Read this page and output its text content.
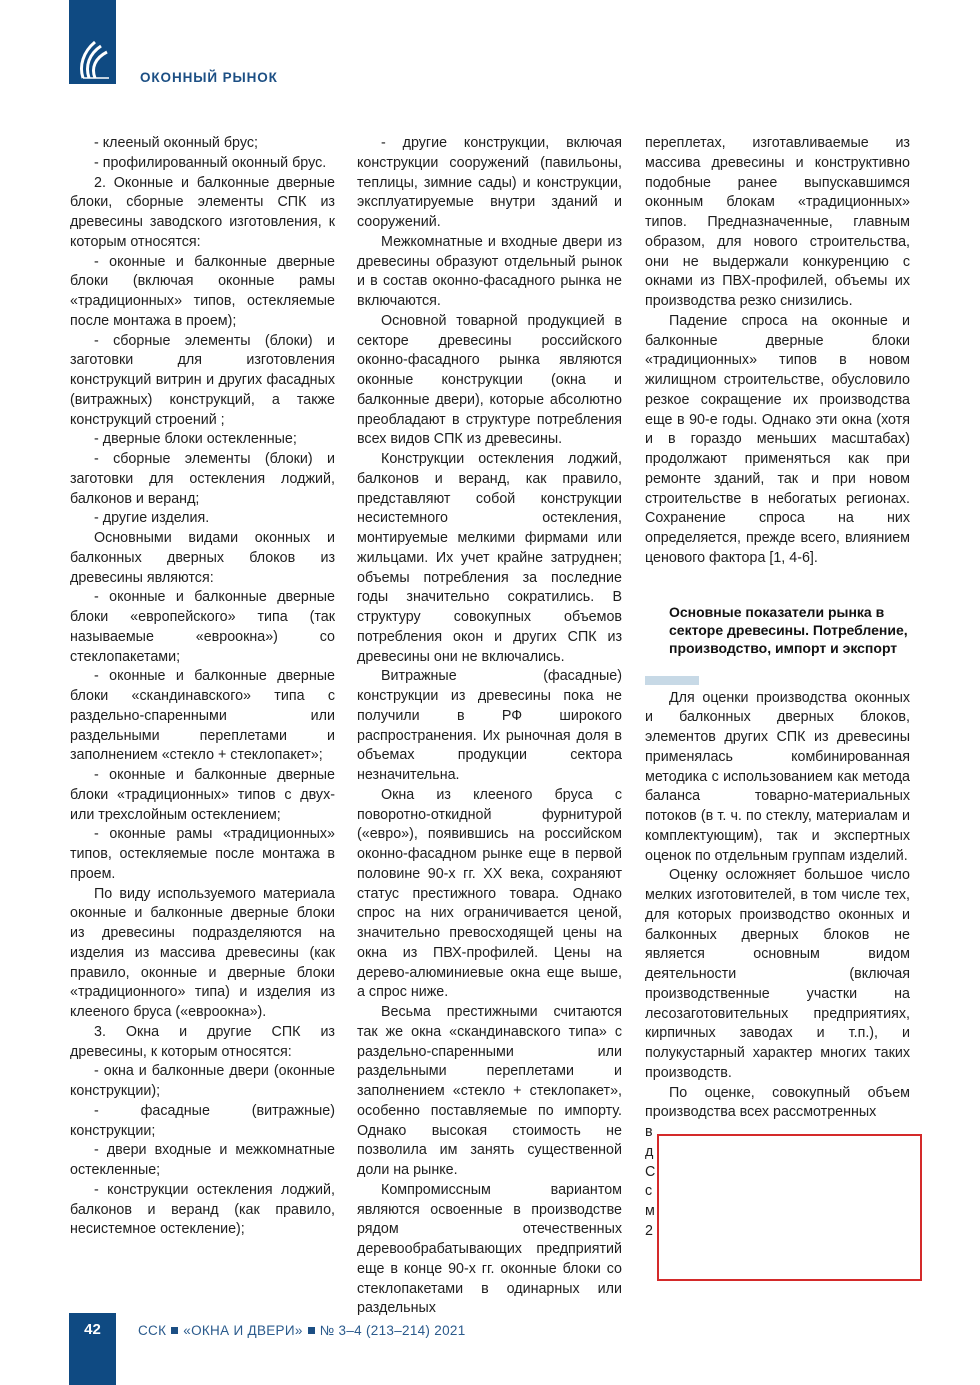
ОКОННЫЙ РЫНОК

- клееный оконный брус;

- профилированный оконный брус.

2. Оконные и балконные дверные блоки, сборные элементы СПК из древесины заводского изготовления, к которым относятся:

- оконные и балконные дверные блоки (включая оконные рамы «традиционных» типов, остекляемые после монтажа в проем);

- сборные элементы (блоки) и заготовки для изготовления конструкций витрин и других фасадных (витражных) конструкций, а также конструкций строений ;

- дверные блоки остекленные;

- сборные элементы (блоки) и заготовки для остекления лоджий, балконов и веранд;

- другие изделия.

Основными видами оконных и балконных дверных блоков из древесины являются:

- оконные и балконные дверные блоки «европейского» типа (так называемые «евроокна») со стеклопакетами;

- оконные и балконные дверные блоки «скандинавского» типа с раздельно-спаренными или раздельными переплетами и заполнением «стекло + стеклопакет»;

- оконные и балконные дверные блоки «традиционных» типов с двух- или трехслойным остеклением;

- оконные рамы «традиционных» типов, остекляемые после монтажа в проем.

По виду используемого материала оконные и балконные дверные блоки из древесины подразделяются на изделия из массива древесины (как правило, оконные и дверные блоки «традиционного» типа) и изделия из клееного бруса («евроокна»).

3. Окна и другие СПК из древесины, к которым относятся:

- окна и балконные двери (оконные конструкции);

- фасадные (витражные) конструкции;

- двери входные и межкомнатные остекленные;

- конструкции остекления лоджий, балконов и веранд (как правило, несистемное остекление);

- другие конструкции, включая конструкции сооружений (павильоны, теплицы, зимние сады) и конструкции, эксплуатируемые внутри зданий и сооружений.

Межкомнатные и входные двери из древесины образуют отдельный рынок и в состав оконно-фасадного рынка не включаются.

Основной товарной продукцией в секторе древесины российского оконно-фасадного рынка являются оконные конструкции (окна и балконные двери), которые абсолютно преобладают в структуре потребления всех видов СПК из древесины.

Конструкции остекления лоджий, балконов и веранд, как правило, представляют собой конструкции несистемного остекления, монтируемые мелкими фирмами или жильцами. Их учет крайне затруднен; объемы потребления за последние годы значительно сократились. В структуру совокупных объемов потребления окон и других СПК из древесины они не включались.

Витражные (фасадные) конструкции из древесины пока не получили в РФ широкого распространения. Их рыночная доля в объемах продукции сектора незначительна.

Окна из клееного бруса с поворотно-откидной фурнитурой («евро»), появившись на российском оконно-фасадном рынке еще в первой половине 90-х гг. XX века, сохраняют статус престижного товара. Однако спрос на них ограничивается ценой, значительно превосходящей цены на окна из ПВХ-профилей. Цены на дерево-алюминиевые окна еще выше, а спрос ниже.

Весьма престижными считаются так же окна «скандинавского типа» с раздельно-спаренными или раздельными переплетами и заполнением «стекло + стеклопакет», особенно поставляемые по импорту. Однако высокая стоимость не позволила им занять существенной доли на рынке.

Компромиссным вариантом являются освоенные в производстве рядом отечественных деревообрабатывающих предприятий еще в конце 90-х гг. оконные блоки со стеклопакетами в одинарных или раздельных

переплетах, изготавливаемые из массива древесины и конструктивно подобные ранее выпускавшимся оконным блокам «традиционных» типов. Предназначенные, главным образом, для нового строительства, они не выдержали конкуренцию с окнами из ПВХ-профилей, объемы их производства резко снизились.

Падение спроса на оконные и балконные дверные блоки «традиционных» типов в новом жилищном строительстве, обусловило резкое сокращение их производства еще в 90-е годы. Однако эти окна (хотя и в гораздо меньших масштабах) продолжают применяться как при ремонте зданий, так и при новом строительстве в небогатых регионах. Сохранение спроса на них определяется, прежде всего, влиянием ценового фактора [1, 4-6].

Основные показатели рынка в секторе древесины. Потребление, производство, импорт и экспорт

Для оценки производства оконных и балконных дверных блоков, элементов других СПК из древесины применялась комбинированная методика с использованием как метода баланса товарно-материальных потоков (в т. ч. по стеклу, материалам и комплектующим), так и экспертных оценок по отдельным группам изделий.

Оценку осложняет большое число мелких изготовителей, в том числе тех, для которых производство оконных и балконных дверных блоков не является основным видом деятельности (включая производственные участки на лесозаготовительных предприятиях, кирпичных заводах и т.п.), и полукустарный характер многих таких производств.

По оценке, совокупный объем производства всех рассмотренных

в

д

С

с

м

2

42	ССК «ОКНА И ДВЕРИ» № 3–4 (213–214) 2021
